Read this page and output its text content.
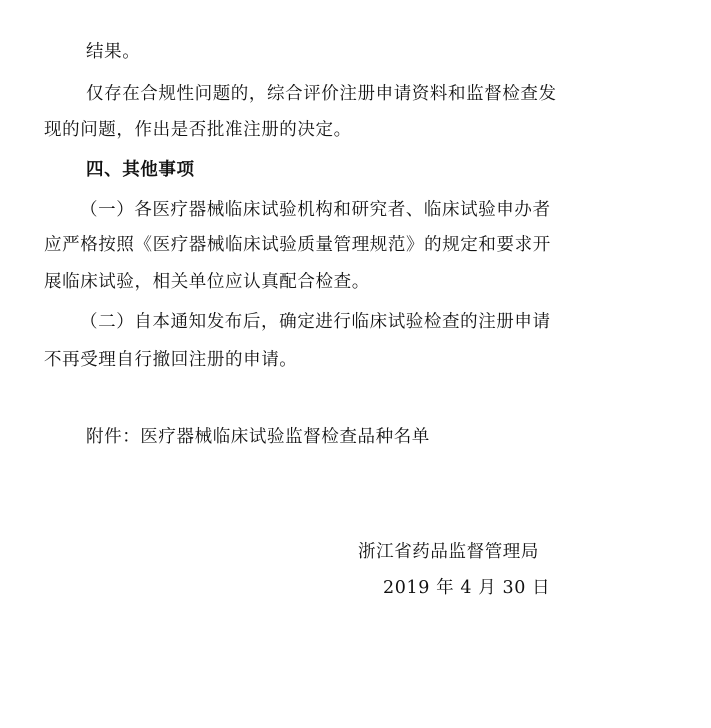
结果。
仅存在合规性问题的，综合评价注册申请资料和监督检查发
现的问题，作出是否批准注册的决定。
四、其他事项
（一）各医疗器械临床试验机构和研究者、临床试验申办者
应严格按照《医疗器械临床试验质量管理规范》的规定和要求开
展临床试验，相关单位应认真配合检查。
（二）自本通知发布后，确定进行临床试验检查的注册申请
不再受理自行撤回注册的申请。
附件：医疗器械临床试验监督检查品种名单
浙江省药品监督管理局
2019 年 4 月 30 日
